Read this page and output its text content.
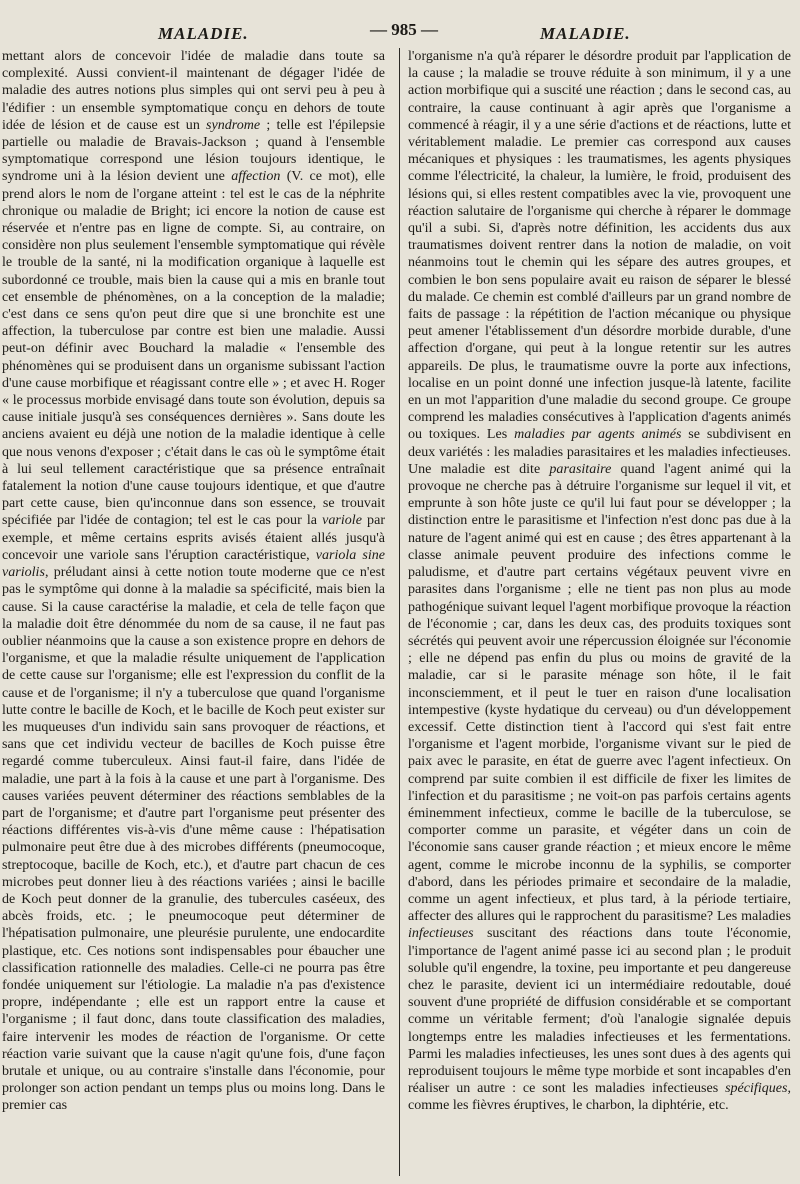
MALADIE.	— 985 —	MALADIE.

mettant alors de concevoir l'idée de maladie dans toute sa complexité. Aussi convient-il maintenant de dégager l'idée de maladie des autres notions plus simples qui ont servi peu à peu à l'édifier : un ensemble symptomatique conçu en dehors de toute idée de lésion et de cause est un syndrome ; telle est l'épilepsie partielle ou maladie de Bravais-Jackson ; quand à l'ensemble symptomatique correspond une lésion toujours identique, le syndrome uni à la lésion devient une affection (V. ce mot), elle prend alors le nom de l'organe atteint : tel est le cas de la néphrite chronique ou maladie de Bright; ici encore la notion de cause est réservée et n'entre pas en ligne de compte. Si, au contraire, on considère non plus seulement l'ensemble symptomatique qui révèle le trouble de la santé, ni la modification organique à laquelle est subordonné ce trouble, mais bien la cause qui a mis en branle tout cet ensemble de phénomènes, on a la conception de la maladie; c'est dans ce sens qu'on peut dire que si une bronchite est une affection, la tuberculose par contre est bien une maladie. Aussi peut-on définir avec Bouchard la maladie « l'ensemble des phénomènes qui se produisent dans un organisme subissant l'action d'une cause morbifique et réagissant contre elle » ; et avec H. Roger « le processus morbide envisagé dans toute son évolution, depuis sa cause initiale jusqu'à ses conséquences dernières ». Sans doute les anciens avaient eu déjà une notion de la maladie identique à celle que nous venons d'exposer ; c'était dans le cas où le symptôme était à lui seul tellement caractéristique que sa présence entraînait fatalement la notion d'une cause toujours identique, et que d'autre part cette cause, bien qu'inconnue dans son essence, se trouvait spécifiée par l'idée de contagion; tel est le cas pour la variole par exemple, et même certains esprits avisés étaient allés jusqu'à concevoir une variole sans l'éruption caractéristique, variola sine variolis, préludant ainsi à cette notion toute moderne que ce n'est pas le symptôme qui donne à la maladie sa spécificité, mais bien la cause. Si la cause caractérise la maladie, et cela de telle façon que la maladie doit être dénommée du nom de sa cause, il ne faut pas oublier néanmoins que la cause a son existence propre en dehors de l'organisme, et que la maladie résulte uniquement de l'application de cette cause sur l'organisme; elle est l'expression du conflit de la cause et de l'organisme; il n'y a tuberculose que quand l'organisme lutte contre le bacille de Koch, et le bacille de Koch peut exister sur les muqueuses d'un individu sain sans provoquer de réactions, et sans que cet individu vecteur de bacilles de Koch puisse être regardé comme tuberculeux. Ainsi faut-il faire, dans l'idée de maladie, une part à la fois à la cause et une part à l'organisme. Des causes variées peuvent déterminer des réactions semblables de la part de l'organisme; et d'autre part l'organisme peut présenter des réactions différentes vis-à-vis d'une même cause : l'hépatisation pulmonaire peut être due à des microbes différents (pneumocoque, streptocoque, bacille de Koch, etc.), et d'autre part chacun de ces microbes peut donner lieu à des réactions variées ; ainsi le bacille de Koch peut donner de la granulie, des tubercules caséeux, des abcès froids, etc. ; le pneumocoque peut déterminer de l'hépatisation pulmonaire, une pleurésie purulente, une endocardite plastique, etc. Ces notions sont indispensables pour ébaucher une classification rationnelle des maladies. Celle-ci ne pourra pas être fondée uniquement sur l'étiologie. La maladie n'a pas d'existence propre, indépendante ; elle est un rapport entre la cause et l'organisme ; il faut donc, dans toute classification des maladies, faire intervenir les modes de réaction de l'organisme. Or cette réaction varie suivant que la cause n'agit qu'une fois, d'une façon brutale et unique, ou au contraire s'installe dans l'économie, pour prolonger son action pendant un temps plus ou moins long. Dans le premier cas

l'organisme n'a qu'à réparer le désordre produit par l'application de la cause ; la maladie se trouve réduite à son minimum, il y a une action morbifique qui a suscité une réaction ; dans le second cas, au contraire, la cause continuant à agir après que l'organisme a commencé à réagir, il y a une série d'actions et de réactions, lutte et véritablement maladie. Le premier cas correspond aux causes mécaniques et physiques : les traumatismes, les agents physiques comme l'électricité, la chaleur, la lumière, le froid, produisent des lésions qui, si elles restent compatibles avec la vie, provoquent une réaction salutaire de l'organisme qui cherche à réparer le dommage qu'il a subi. Si, d'après notre définition, les accidents dus aux traumatismes doivent rentrer dans la notion de maladie, on voit néanmoins tout le chemin qui les sépare des autres groupes, et combien le bon sens populaire avait eu raison de séparer le blessé du malade. Ce chemin est comblé d'ailleurs par un grand nombre de faits de passage : la répétition de l'action mécanique ou physique peut amener l'établissement d'un désordre morbide durable, d'une affection d'organe, qui peut à la longue retentir sur les autres appareils. De plus, le traumatisme ouvre la porte aux infections, localise en un point donné une infection jusque-là latente, facilite en un mot l'apparition d'une maladie du second groupe. Ce groupe comprend les maladies consécutives à l'application d'agents animés ou toxiques. Les maladies par agents animés se subdivisent en deux variétés : les maladies parasitaires et les maladies infectieuses. Une maladie est dite parasitaire quand l'agent animé qui la provoque ne cherche pas à détruire l'organisme sur lequel il vit, et emprunte à son hôte juste ce qu'il lui faut pour se développer ; la distinction entre le parasitisme et l'infection n'est donc pas due à la nature de l'agent animé qui est en cause ; des êtres appartenant à la classe animale peuvent produire des infections comme le paludisme, et d'autre part certains végétaux peuvent vivre en parasites dans l'organisme ; elle ne tient pas non plus au mode pathogénique suivant lequel l'agent morbifique provoque la réaction de l'économie ; car, dans les deux cas, des produits toxiques sont sécrétés qui peuvent avoir une répercussion éloignée sur l'économie ; elle ne dépend pas enfin du plus ou moins de gravité de la maladie, car si le parasite ménage son hôte, il le fait inconsciemment, et il peut le tuer en raison d'une localisation intempestive (kyste hydatique du cerveau) ou d'un développement excessif. Cette distinction tient à l'accord qui s'est fait entre l'organisme et l'agent morbide, l'organisme vivant sur le pied de paix avec le parasite, en état de guerre avec l'agent infectieux. On comprend par suite combien il est difficile de fixer les limites de l'infection et du parasitisme ; ne voit-on pas parfois certains agents éminemment infectieux, comme le bacille de la tuberculose, se comporter comme un parasite, et végéter dans un coin de l'économie sans causer grande réaction ; et mieux encore le même agent, comme le microbe inconnu de la syphilis, se comporter d'abord, dans les périodes primaire et secondaire de la maladie, comme un agent infectieux, et plus tard, à la période tertiaire, affecter des allures qui le rapprochent du parasitisme? Les maladies infectieuses suscitant des réactions dans toute l'économie, l'importance de l'agent animé passe ici au second plan ; le produit soluble qu'il engendre, la toxine, peu importante et peu dangereuse chez le parasite, devient ici un intermédiaire redoutable, doué souvent d'une propriété de diffusion considérable et se comportant comme un véritable ferment; d'où l'analogie signalée depuis longtemps entre les maladies infectieuses et les fermentations. Parmi les maladies infectieuses, les unes sont dues à des agents qui reproduisent toujours le même type morbide et sont incapables d'en réaliser un autre : ce sont les maladies infectieuses spécifiques, comme les fièvres éruptives, le charbon, la diphtérie, etc.
